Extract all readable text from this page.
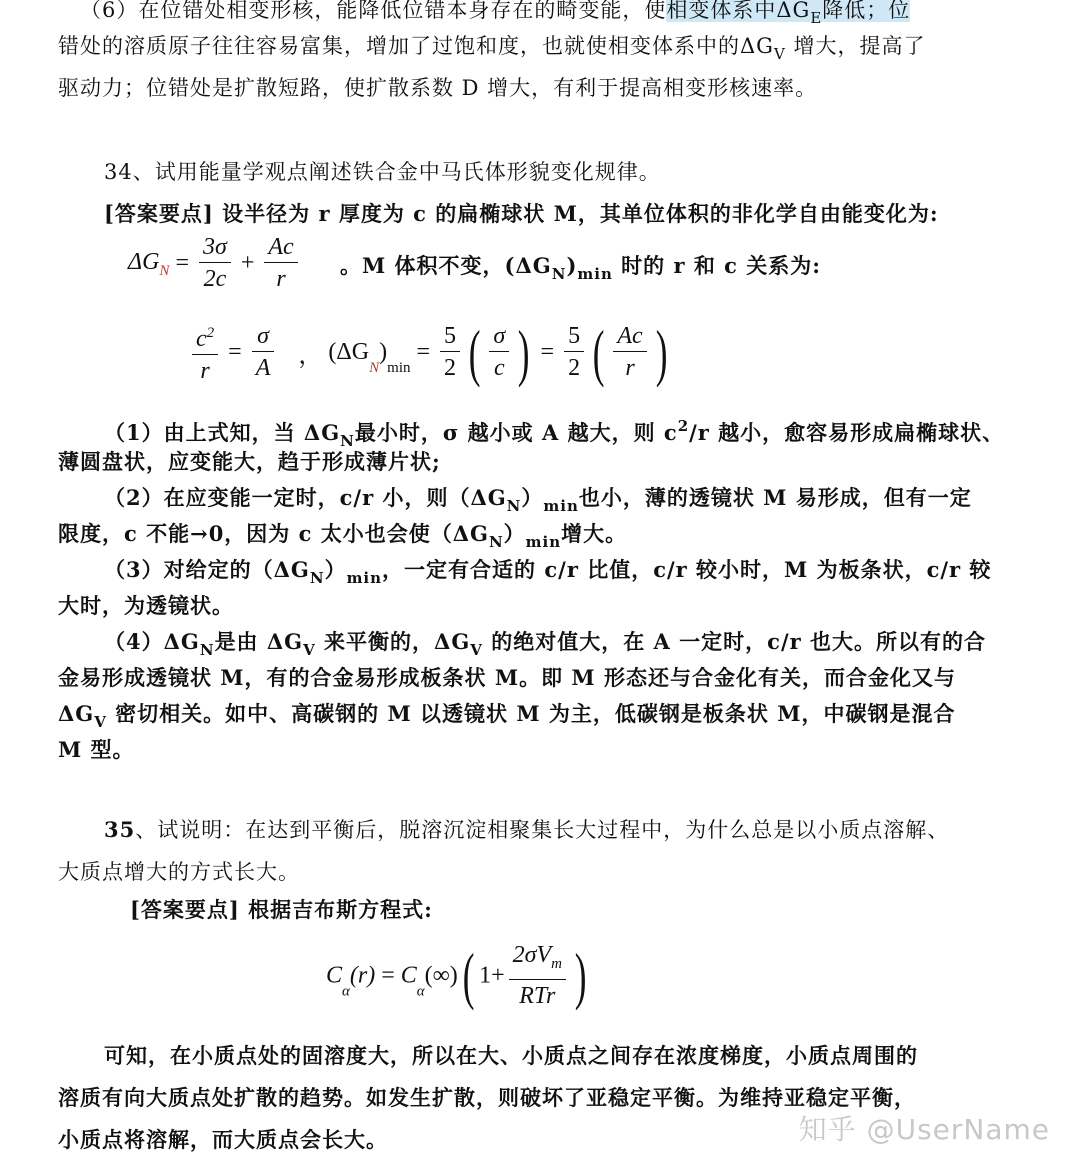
（6）在位错处相变形核，能降低位错本身存在的畸变能，使相变体系中$\Delta G_E$降低；位
错处的溶质原子往往容易富集，增加了过饱和度，也就使相变体系中的$\Delta G_V$ 增大，提高了
驱动力；位错处是扩散短路，使扩散系数 D 增大，有利于提高相变形核速率。
34、试用能量学观点阐述铁合金中马氏体形貌变化规律。
[答案要点] 设半径为 r 厚度为 c 的扁椭球状 M，其单位体积的非化学自由能变化为:
$\Delta G_N = \frac{3\sigma}{2c} + \frac{Ac}{r}$ 。M 体积不变，$(\Delta G_N)_{min}$ 时的 r 和 c 关系为:
$\frac{c^2}{r} = \frac{\sigma}{A}$ ， $(\Delta G_N)_{min} = \frac{5}{2}$ ( $\frac{\sigma}{c}$ ) = $\frac{5}{2}$ ( $\frac{Ac}{r}$ )
（1）由上式知，当 $\Delta G_N$最小时，σ 越小或 A 越大，则 $c^2/r$ 越小，愈容易形成扁椭球状、
薄圆盘状，应变能大，趋于形成薄片状;
（2）在应变能一定时，c/r 小，则$(\Delta G_N)_{min}$也小，薄的透镜状 M 易形成，但有一定
限度，c 不能→0，因为 c 太小也会使$(\Delta G_N)_{min}$增大。
（3）对给定的$(\Delta G_N)_{min}$，一定有合适的 c/r 比值，c/r 较小时，M 为板条状，c/r 较
大时，为透镜状。
$(4)\Delta G_N$是由 $\Delta G_V$ 来平衡的，$\Delta G_V$ 的绝对值大，在 A 一定时，c/r 也大。所以有的合
金易形成透镜状 M，有的合金易形成板条状 M。即 M 形态还与合金化有关，而合金化又与
$\Delta G_V$ 密切相关。如中、高碳钢的 M 以透镜状 M 为主，低碳钢是板条状 M，中碳钢是混合
M 型。
35、试说明：在达到平衡后，脱溶沉淀相聚集长大过程中，为什么总是以小质点溶解、
大质点增大的方式长大。
[答案要点] 根据吉布斯方程式:
$C_\alpha(r) = C_\alpha(\infty)$( $1+ \frac{2\sigma V_m}{\text{RTr}}$ )
可知，在小质点处的固溶度大，所以在大、小质点之间存在浓度梯度，小质点周围的
溶质有向大质点处扩散的趋势。如发生扩散，则破坏了亚稳定平衡。为维持亚稳定平衡，
小质点将溶解，而大质点会长大。	知乎 @UserName
